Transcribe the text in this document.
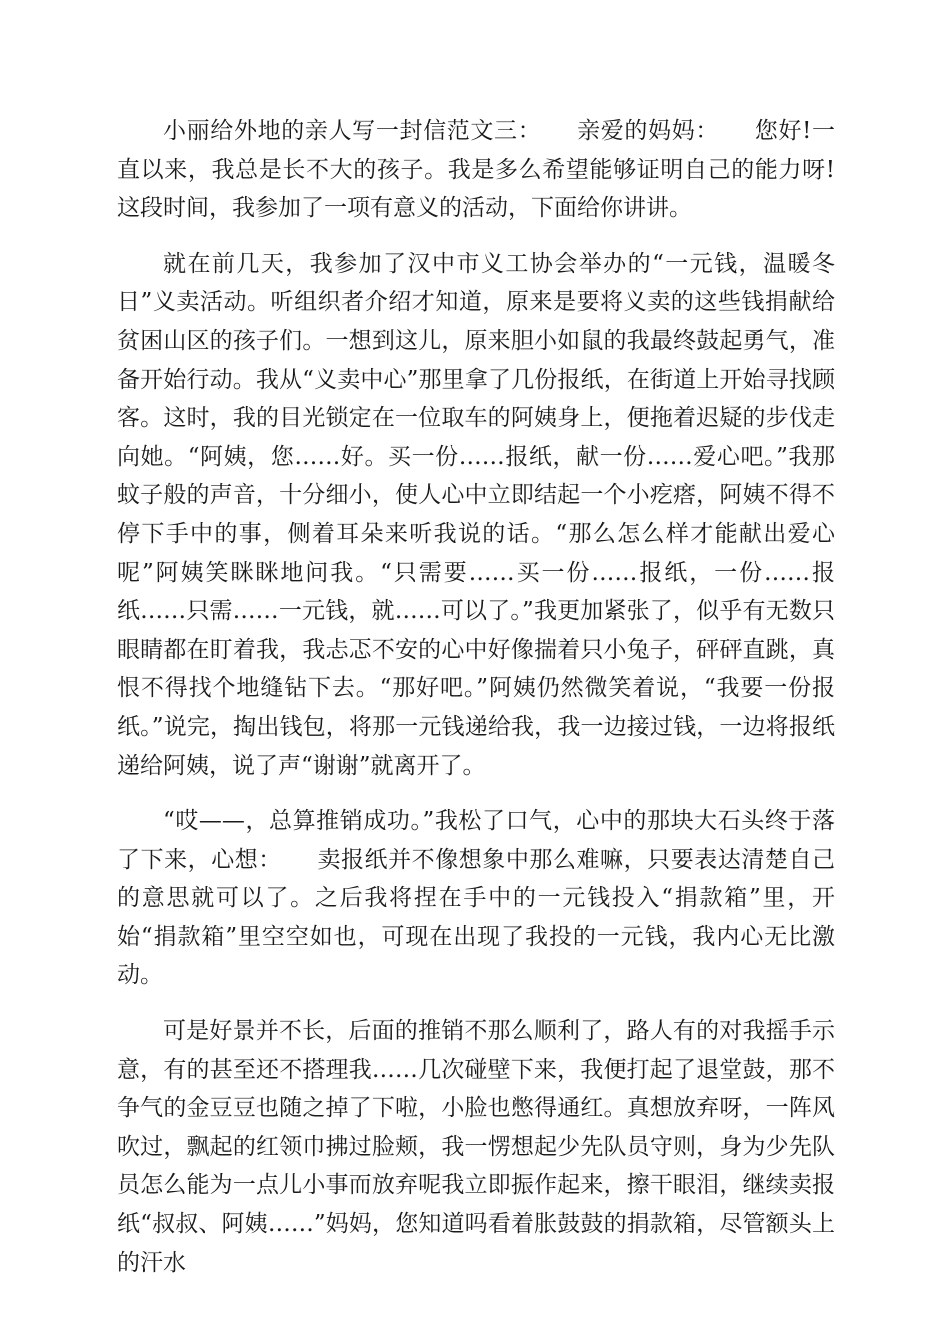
小丽给外地的亲人写一封信范文三：　　亲爱的妈妈：　　您好!一直以来，我总是长不大的孩子。我是多么希望能够证明自己的能力呀!这段时间，我参加了一项有意义的活动，下面给你讲讲。

就在前几天，我参加了汉中市义工协会举办的“一元钱，温暖冬日”义卖活动。听组织者介绍才知道，原来是要将义卖的这些钱捐献给贫困山区的孩子们。一想到这儿，原来胆小如鼠的我最终鼓起勇气，准备开始行动。我从“义卖中心”那里拿了几份报纸，在街道上开始寻找顾客。这时，我的目光锁定在一位取车的阿姨身上，便拖着迟疑的步伐走向她。“阿姨，您……好。买一份……报纸，献一份……爱心吧。”我那蚊子般的声音，十分细小，使人心中立即结起一个小疙瘩，阿姨不得不停下手中的事，侧着耳朵来听我说的话。“那么怎么样才能献出爱心呢”阿姨笑眯眯地问我。“只需要……买一份……报纸，一份……报纸……只需……一元钱，就……可以了。”我更加紧张了，似乎有无数只眼睛都在盯着我，我忐忑不安的心中好像揣着只小兔子，砰砰直跳，真恨不得找个地缝钻下去。“那好吧。”阿姨仍然微笑着说，“我要一份报纸。”说完，掏出钱包，将那一元钱递给我，我一边接过钱，一边将报纸递给阿姨，说了声“谢谢”就离开了。

“哎——，总算推销成功。”我松了口气，心中的那块大石头终于落了下来，心想：　　卖报纸并不像想象中那么难嘛，只要表达清楚自己的意思就可以了。之后我将捏在手中的一元钱投入“捐款箱”里，开始“捐款箱”里空空如也，可现在出现了我投的一元钱，我内心无比激动。

可是好景并不长，后面的推销不那么顺利了，路人有的对我摇手示意，有的甚至还不搭理我……几次碰壁下来，我便打起了退堂鼓，那不争气的金豆豆也随之掉了下啦，小脸也憋得通红。真想放弃呀，一阵风吹过，飘起的红领巾拂过脸颊，我一愣想起少先队员守则，身为少先队员怎么能为一点儿小事而放弃呢我立即振作起来，擦干眼泪，继续卖报纸“叔叔、阿姨……”妈妈，您知道吗看着胀鼓鼓的捐款箱，尽管额头上的汗水
